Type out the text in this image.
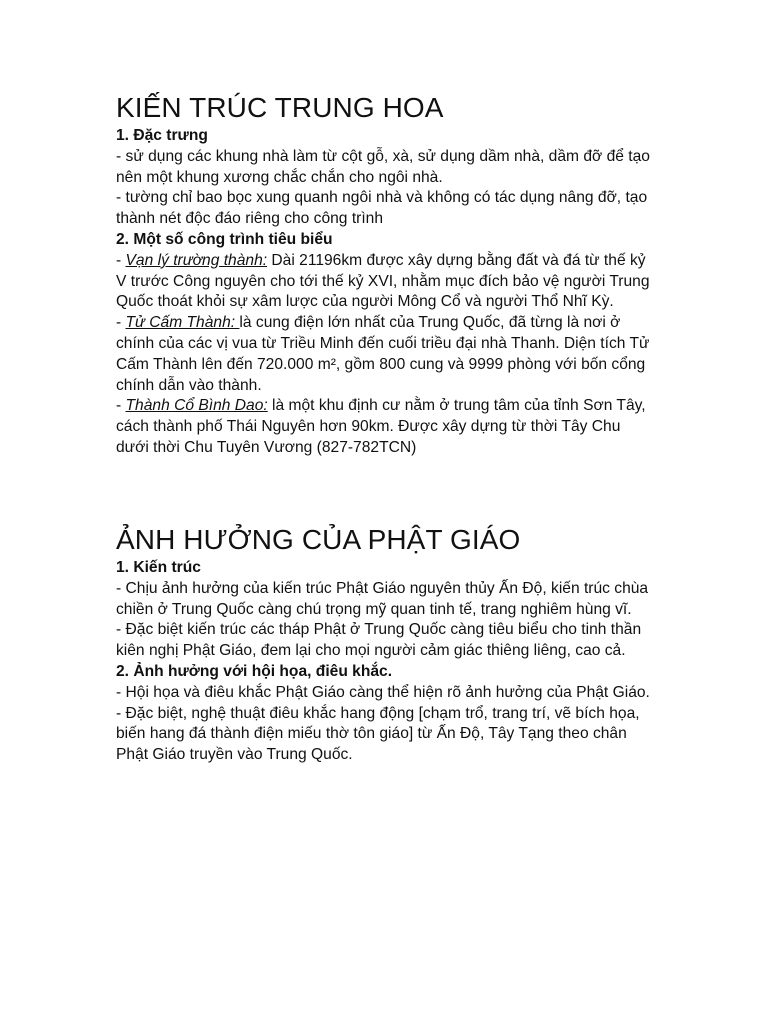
KIẾN TRÚC TRUNG HOA

1. Đặc trưng

- sử dụng các khung nhà làm từ cột gỗ, xà, sử dụng dầm nhà, dầm đỡ để tạo nên một khung xương chắc chắn cho ngôi nhà.

- tường chỉ bao bọc xung quanh ngôi nhà và không có tác dụng nâng đỡ, tạo thành nét độc đáo riêng cho công trình

2. Một số công trình tiêu biểu

- Vạn lý trường thành: Dài 21196km được xây dựng bằng đất và đá từ thế kỷ V trước Công nguyên cho tới thế kỷ XVI, nhằm mục đích bảo vệ người Trung Quốc thoát khỏi sự xâm lược của người Mông Cổ và người Thổ Nhĩ Kỳ.

- Tử Cấm Thành: là cung điện lớn nhất của Trung Quốc, đã từng là nơi ở chính của các vị vua từ Triều Minh đến cuối triều đại nhà Thanh. Diện tích Tử Cấm Thành lên đến 720.000 m², gồm 800 cung và 9999 phòng với bốn cổng chính dẫn vào thành.

- Thành Cổ Bình Dao: là một khu định cư nằm ở trung tâm của tỉnh Sơn Tây, cách thành phố Thái Nguyên hơn 90km. Được xây dựng từ thời Tây Chu dưới thời Chu Tuyên Vương (827-782TCN)

ẢNH HƯỞNG CỦA PHẬT GIÁO

1. Kiến trúc

- Chịu ảnh hưởng của kiến trúc Phật Giáo nguyên thủy Ấn Độ, kiến trúc chùa chiền ở Trung Quốc càng chú trọng mỹ quan tinh tế, trang nghiêm hùng vĩ.

- Đặc biệt kiến trúc các tháp Phật ở Trung Quốc càng tiêu biểu cho tinh thần kiên nghị Phật Giáo, đem lại cho mọi người cảm giác thiêng liêng, cao cả.

2. Ảnh hưởng với hội họa, điêu khắc.

- Hội họa và điêu khắc Phật Giáo càng thể hiện rõ ảnh hưởng của Phật Giáo.

- Đặc biệt, nghệ thuật điêu khắc hang động [chạm trổ, trang trí, vẽ bích họa, biến hang đá thành điện miếu thờ tôn giáo] từ Ấn Độ, Tây Tạng theo chân Phật Giáo truyền vào Trung Quốc.
